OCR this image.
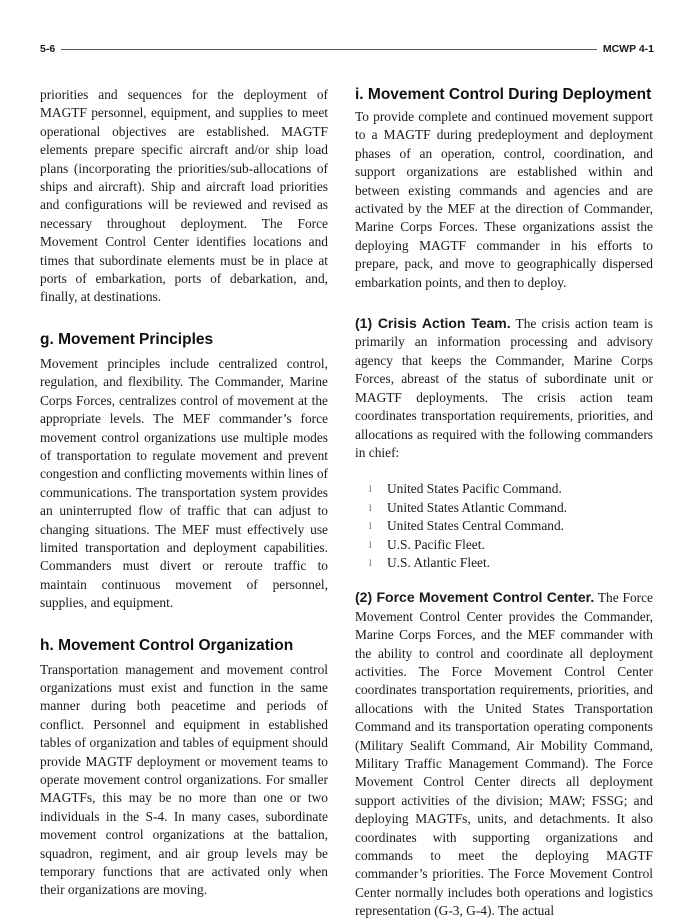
5-6	MCWP 4-1

priorities and sequences for the deployment of MAGTF personnel, equipment, and supplies to meet operational objectives are established. MAGTF elements prepare specific aircraft and/or ship load plans (incorporating the priorities/sub-allocations of ships and aircraft). Ship and aircraft load priorities and configurations will be reviewed and revised as necessary throughout deployment. The Force Movement Control Center identifies locations and times that subordinate elements must be in place at ports of embarkation, ports of debarkation, and, finally, at destinations.

g. Movement Principles

Movement principles include centralized control, regulation, and flexibility. The Commander, Marine Corps Forces, centralizes control of movement at the appropriate levels. The MEF commander’s force movement control organizations use multiple modes of transportation to regulate movement and prevent congestion and conflicting movements within lines of communications. The transportation system provides an uninterrupted flow of traffic that can adjust to changing situations. The MEF must effectively use limited transportation and deployment capabilities. Commanders must divert or reroute traffic to maintain continuous movement of personnel, supplies, and equipment.

h. Movement Control Organization

Transportation management and movement control organizations must exist and function in the same manner during both peacetime and periods of conflict. Personnel and equipment in established tables of organization and tables of equipment should provide MAGTF deployment or movement teams to operate movement control organizations. For smaller MAGTFs, this may be no more than one or two individuals in the S-4. In many cases, subordinate movement control organizations at the battalion, squadron, regiment, and air group levels may be temporary functions that are activated only when their organizations are moving.

i. Movement Control During Deployment

To provide complete and continued movement support to a MAGTF during predeployment and deployment phases of an operation, control, coordination, and support organizations are established within and between existing commands and agencies and are activated by the MEF at the direction of Commander, Marine Corps Forces. These organizations assist the deploying MAGTF commander in his efforts to prepare, pack, and move to geographically dispersed embarkation points, and then to deploy.

(1) Crisis Action Team. The crisis action team is primarily an information processing and advisory agency that keeps the Commander, Marine Corps Forces, abreast of the status of subordinate unit or MAGTF deployments. The crisis action team coordinates transportation requirements, priorities, and allocations as required with the following commanders in chief:

l	United States Pacific Command.
l	United States Atlantic Command.
l	United States Central Command.
l	U.S. Pacific Fleet.
l	U.S. Atlantic Fleet.

(2) Force Movement Control Center. The Force Movement Control Center provides the Commander, Marine Corps Forces, and the MEF commander with the ability to control and coordinate all deployment activities. The Force Movement Control Center coordinates transportation requirements, priorities, and allocations with the United States Transportation Command and its transportation operating components (Military Sealift Command, Air Mobility Command, Military Traffic Management Command). The Force Movement Control Center directs all deployment support activities of the division; MAW; FSSG; and deploying MAGTFs, units, and detachments. It also coordinates with supporting organizations and commands to meet the deploying MAGTF commander’s priorities. The Force Movement Control Center normally includes both operations and logistics representation (G-3, G-4). The actual
